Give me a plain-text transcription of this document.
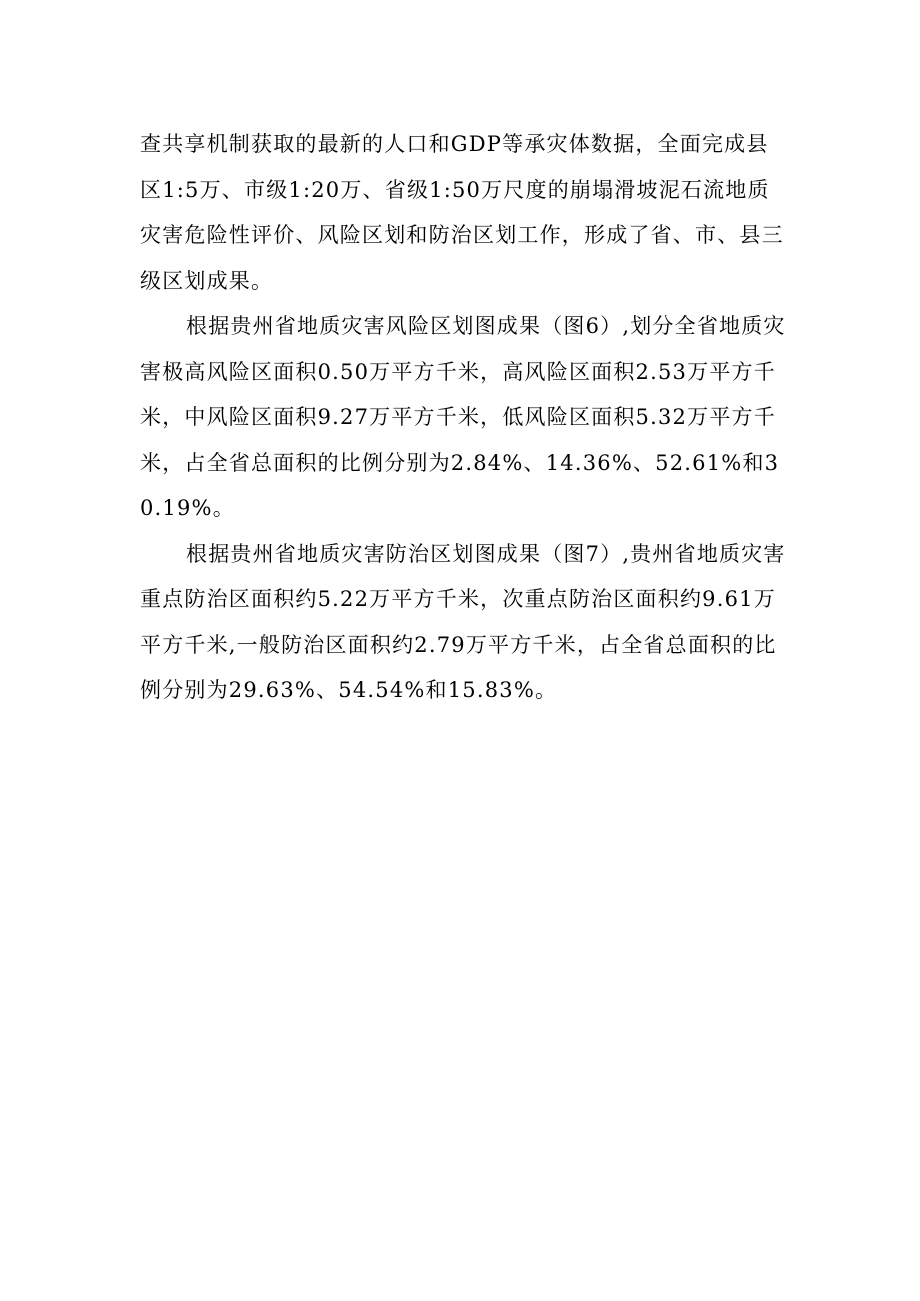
查共享机制获取的最新的人口和GDP等承灾体数据，全面完成县区1:5万、市级1:20万、省级1:50万尺度的崩塌滑坡泥石流地质灾害危险性评价、风险区划和防治区划工作，形成了省、市、县三级区划成果。

根据贵州省地质灾害风险区划图成果（图6）,划分全省地质灾害极高风险区面积0.50万平方千米，高风险区面积2.53万平方千米，中风险区面积9.27万平方千米，低风险区面积5.32万平方千米，占全省总面积的比例分别为2.84%、14.36%、52.61%和30.19%。

根据贵州省地质灾害防治区划图成果（图7）,贵州省地质灾害重点防治区面积约5.22万平方千米，次重点防治区面积约9.61万平方千米,一般防治区面积约2.79万平方千米，占全省总面积的比例分别为29.63%、54.54%和15.83%。
